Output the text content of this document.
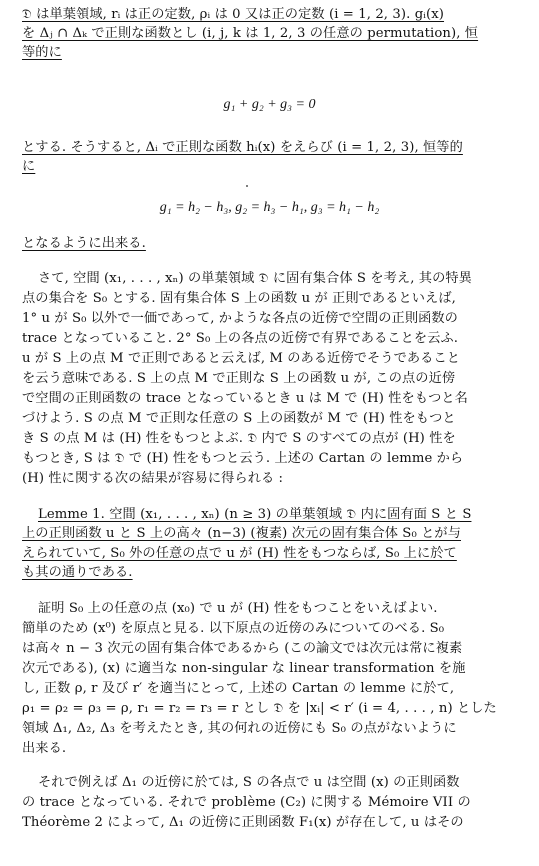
𝔇 は単葉領域, rᵢ は正の定数, ρᵢ は 0 又は正の定数 (i = 1, 2, 3). gᵢ(x)
を Δⱼ ∩ Δₖ で正則な函数とし (i, j, k は 1, 2, 3 の任意の permutation), 恒
等的に
g₁ + g₂ + g₃ = 0
とする. そうすると, Δᵢ で正則な函数 hᵢ(x) をえらび (i = 1, 2, 3), 恒等的
に
g₁ = h₂ − h₃, g₂ = h₃ − h₁, g₃ = h₁ − h₂
となるように出来る.
さて, 空間 (x₁, . . . , xₙ) の単葉領域 𝔇 に固有集合体 S を考え, 其の特異
点の集合を S₀ とする. 固有集合体 S 上の函数 u が 正則であるといえば,
1° u が S₀ 以外で一価であって, かような各点の近傍で空間の正則函数の
trace となっていること. 2° S₀ 上の各点の近傍で有界であることを云ふ.
u が S 上の点 M で正則であると云えば, M のある近傍でそうであること
を云う意味である. S 上の点 M で正則な S 上の函数 u が, この点の近傍
で空間の正則函数の trace となっているとき u は M で (H) 性をもつと名
づけよう. S の点 M で正則な任意の S 上の函数が M で (H) 性をもつと
き S の点 M は (H) 性をもつとよぶ. 𝔇 内で S のすべての点が (H) 性を
もつとき, S は 𝔇 で (H) 性をもつと云う. 上述の Cartan の lemme から
(H) 性に関する次の結果が容易に得られる :
Lemme 1. 空間 (x₁, . . . , xₙ) (n ≥ 3) の単葉領域 𝔇 内に固有面 S と S
上の正則函数 u と S 上の高々 (n−3) (複素) 次元の固有集合体 S₀ とが与
えられていて, S₀ 外の任意の点で u が (H) 性をもつならば, S₀ 上に於て
も其の通りである.
証明 S₀ 上の任意の点 (x₀) で u が (H) 性をもつことをいえばよい.
簡単のため (x⁰) を原点と見る. 以下原点の近傍のみについてのべる. S₀
は高々 n − 3 次元の固有集合体であるから (この論文では次元は常に複素
次元である), (x) に適当な non-singular な linear transformation を施
し, 正数 ρ, r 及び r′ を適当にとって, 上述の Cartan の lemme に於て,
ρ₁ = ρ₂ = ρ₃ = ρ, r₁ = r₂ = r₃ = r とし 𝔇 を |xᵢ| < r′ (i = 4, . . . , n) とした
領域 Δ₁, Δ₂, Δ₃ を考えたとき, 其の何れの近傍にも S₀ の点がないように
出来る.
それで例えば Δ₁ の近傍に於ては, S の各点で u は空間 (x) の正則函数
の trace となっている. それで problème (C₂) に関する Mémoire VII の
Théorème 2 によって, Δ₁ の近傍に正則函数 F₁(x) が存在して, u はその
